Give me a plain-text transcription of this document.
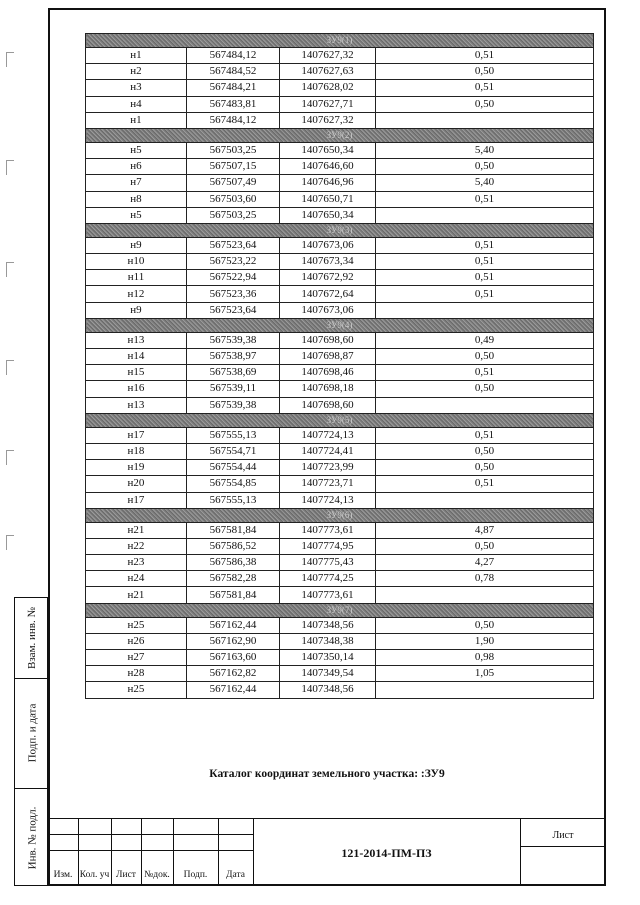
Взам. инв. №
Подп. и дата
Инв. № подл.
ЗУ9(1)			
н1	567484,12	1407627,32	0,51
н2	567484,52	1407627,63	0,50
н3	567484,21	1407628,02	0,51
н4	567483,81	1407627,71	0,50
н1	567484,12	1407627,32	
ЗУ9(2)			
н5	567503,25	1407650,34	5,40
н6	567507,15	1407646,60	0,50
н7	567507,49	1407646,96	5,40
н8	567503,60	1407650,71	0,51
н5	567503,25	1407650,34	
ЗУ9(3)			
н9	567523,64	1407673,06	0,51
н10	567523,22	1407673,34	0,51
н11	567522,94	1407672,92	0,51
н12	567523,36	1407672,64	0,51
н9	567523,64	1407673,06	
ЗУ9(4)			
н13	567539,38	1407698,60	0,49
н14	567538,97	1407698,87	0,50
н15	567538,69	1407698,46	0,51
н16	567539,11	1407698,18	0,50
н13	567539,38	1407698,60	
ЗУ9(5)			
н17	567555,13	1407724,13	0,51
н18	567554,71	1407724,41	0,50
н19	567554,44	1407723,99	0,50
н20	567554,85	1407723,71	0,51
н17	567555,13	1407724,13	
ЗУ9(6)			
н21	567581,84	1407773,61	4,87
н22	567586,52	1407774,95	0,50
н23	567586,38	1407775,43	4,27
н24	567582,28	1407774,25	0,78
н21	567581,84	1407773,61	
ЗУ9(7)			
н25	567162,44	1407348,56	0,50
н26	567162,90	1407348,38	1,90
н27	567163,60	1407350,14	0,98
н28	567162,82	1407349,54	1,05
н25	567162,44	1407348,56	
Каталог координат земельного участка: :ЗУ9
Изм. Кол. уч Лист №док.	Подп.	Дата
121-2014-ПМ-ПЗ
Лист
